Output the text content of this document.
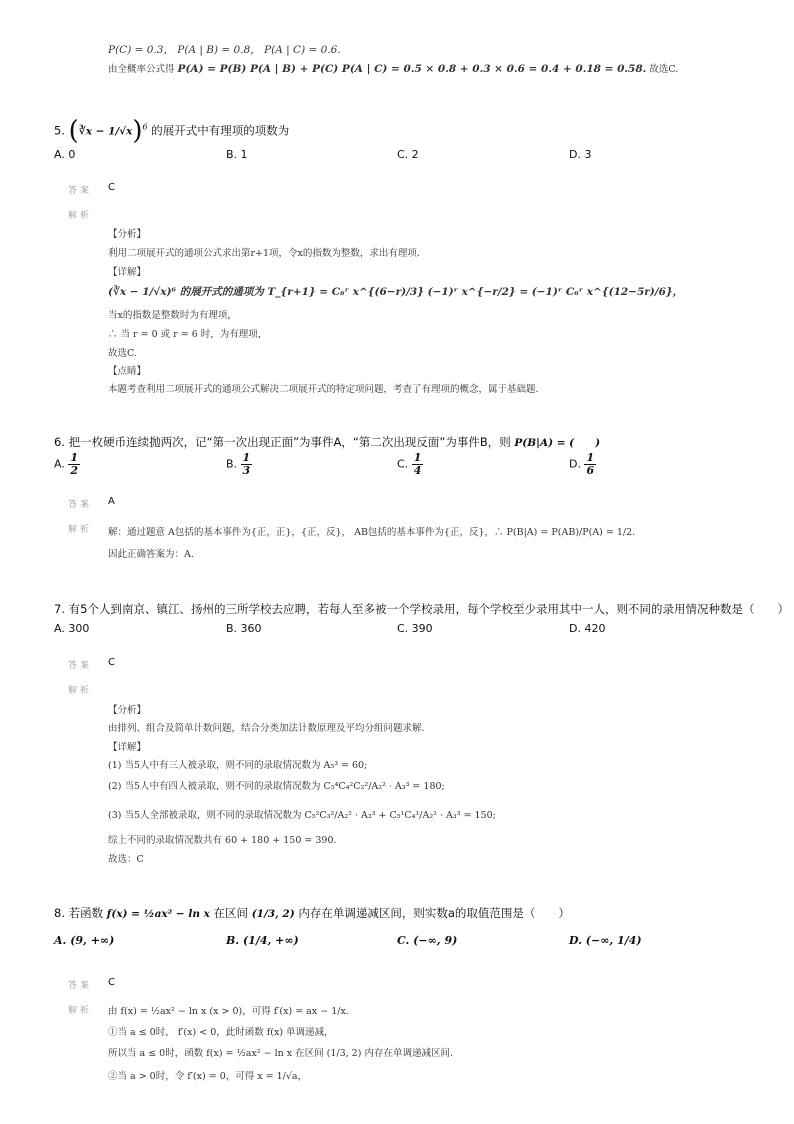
P(C) = 0.3， P(A | B) = 0.8， P(A | C) = 0.6.
由全概率公式得 P(A) = P(B) P(A | B) + P(C) P(A | C) = 0.5 × 0.8 + 0.3 × 0.6 = 0.4 + 0.18 = 0.58. 故选C.
5. (∛x − 1/√x)$^6$ 的展开式中有理项的项数为
A. 0	B. 1	C. 2	D. 3
答案 C
解析
【分析】
利用二项展开式的通项公式求出第r+1项，令x的指数为整数，求出有理项.
【详解】
(∛x − 1/√x)⁶ 的展开式的通项为 T_{r+1} = C₆ʳ x^{(6−r)/3} (−1)ʳ x^{−r/2} = (−1)ʳ C₆ʳ x^{(12−5r)/6}，
当x的指数是整数时为有理项，
∴ 当 r = 0 或 r = 6 时，为有理项，
故选C.
【点睛】
本题考查利用二项展开式的通项公式解决二项展开式的特定项问题，考查了有理项的概念，属于基础题.
6. 把一枚硬币连续抛两次，记“第一次出现正面”为事件A，“第二次出现反面”为事件B，则 P(B|A) = (　　)
A. $\frac{1}{2}$	B. $\frac{1}{3}$	C. $\frac{1}{4}$	D. $\frac{1}{6}$
答案 A
解析 解：通过题意 A包括的基本事件为{正，正}，{正，反}， AB包括的基本事件为{正，反}，∴ P(B|A) = P(AB)/P(A) = 1/2.
因此正确答案为：A.
7. 有5个人到南京、镇江、扬州的三所学校去应聘，若每人至多被一个学校录用，每个学校至少录用其中一人，则不同的录用情况种数是（　　）
A. 300	B. 360	C. 390	D. 420
答案 C
解析
【分析】
由排列、组合及简单计数问题，结合分类加法计数原理及平均分组问题求解.
【详解】
(1) 当5人中有三人被录取，则不同的录取情况数为 A₅³ = 60;
(2) 当5人中有四人被录取，则不同的录取情况数为 C₅⁴C₄²C₂²/A₂² · A₃³ = 180;
(3) 当5人全部被录取，则不同的录取情况数为 C₅²C₃²/A₂² · A₃³ + C₅¹C₄¹/A₂² · A₃³ = 150;
综上不同的录取情况数共有 60 + 180 + 150 = 390.
故选：C
8. 若函数 f(x) = ½ax² − ln x 在区间 (1/3, 2) 内存在单调递减区间，则实数a的取值范围是（　　）
A. (9, +∞)	B. (1/4, +∞)	C. (−∞, 9)	D. (−∞, 1/4)
答案 C
解析 由 f(x) = ½ax² − ln x (x > 0)，可得 f′(x) = ax − 1/x.
①当 a ≤ 0时， f′(x) < 0，此时函数 f(x) 单调递减，
所以当 a ≤ 0时，函数 f(x) = ½ax² − ln x 在区间 (1/3, 2) 内存在单调递减区间.
②当 a > 0时，令 f′(x) = 0，可得 x = 1/√a，
